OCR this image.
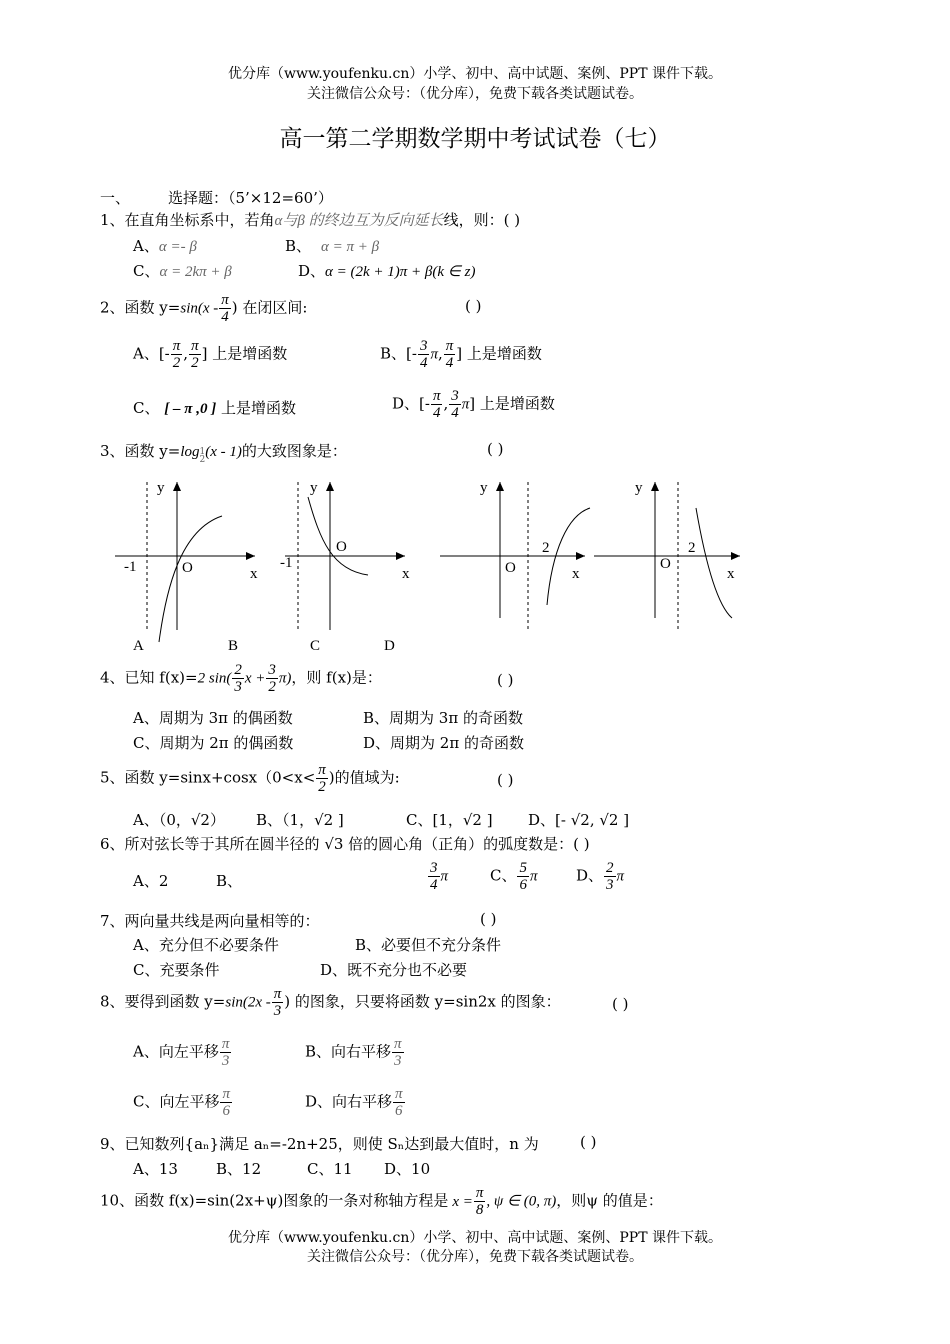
优分库（www.youfenku.cn）小学、初中、高中试题、案例、PPT 课件下载。
关注微信公众号：（优分库），免费下载各类试题试卷。
高一第二学期数学期中考试试卷（七）
一、	选择题：（5’×12=60’）
1、在直角坐标系中，若角α与β 的终边互为反向延长线，则：( )
A、α =- β	B、 α = π + β
C、α = 2kπ + β	D、α = (2k + 1)π + β(k ∈ z)
2、函数 $y=\sin(x - \frac{\pi}{4}$ ) 在闭区间:	( )
A、[- $\frac{\pi}{2}$ , $\frac{\pi}{2}$ ] 上是增函数	B、[- $\frac{3}{4} \pi$, $\frac{\pi}{4}$ ] 上是增函数
C、 [ – π ,0 ] 上是增函数	D、[- $\frac{\pi}{4}$ , $\frac{3}{4} \pi$] 上是增函数
3、函数 y=log 1
2 (x - 1)的大致图象是：	( )
y
x
O
-1
y
x
O
-1
y
x
O
2
y
x
O
2
A	B	C	D
4、已知 f(x)=2 $\sin( \frac{2}{3}$ $x + \frac{3}{2} \pi$)，则 f(x)是：	( )
A、周期为 3π 的偶函数	B、周期为 3π 的奇函数
C、周期为 2π 的偶函数	D、周期为 2π 的奇函数
5、函数 $y=\sin x+\cos x(0<x< \frac{\pi}{2}$ )的值域为:	( )
A、（0，√2） B、（1，√2 ]	C、[1，√2 ] D、[- √2, √2 ]
6、所对弦长等于其所在圆半径的 √3 倍的圆心角（正角）的弧度数是：( )
A、2	B、	$\frac{3}{4}$ π	C、 $\frac{5}{6}$ π	D、 $\frac{2}{3}$ π
7、两向量共线是两向量相等的：	( )
A、充分但不必要条件	B、必要但不充分条件
C、充要条件	D、既不充分也不必要
8、要得到函数 $y=\sin(2x - \frac{\pi}{3}$ ) 的图象，只要将函数 y=sin2x 的图象：	( )
A、向左平移 $\frac{\pi}{3}$	B、向右平移 $\frac{\pi}{3}$
C、向左平移 $\frac{\pi}{6}$	D、向右平移 $\frac{\pi}{6}$
9、已知数列{aₙ}满足 aₙ=-2n+25，则使 Sₙ达到最大值时，n 为	( )
A、13	B、12	C、11 D、10
10、函数 f(x)=sin(2x+ψ)图象的一条对称轴方程是 $x = \frac{\pi}{8}$ , ψ ∈ (0, π)，则ψ 的值是：
优分库（www.youfenku.cn）小学、初中、高中试题、案例、PPT 课件下载。
关注微信公众号：（优分库），免费下载各类试题试卷。
